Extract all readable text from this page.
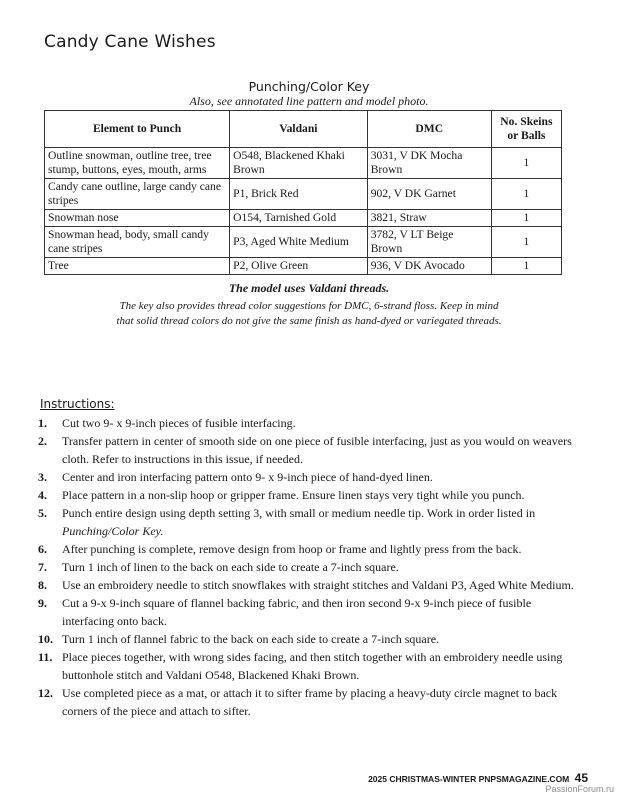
Candy Cane Wishes
Punching/Color Key
Also, see annotated line pattern and model photo.
Element to Punch	Valdani	DMC	No. Skeins or Balls
Outline snowman, outline tree, tree stump, buttons, eyes, mouth, arms	O548, Blackened Khaki Brown	3031, V DK Mocha Brown	1
Candy cane outline, large candy cane stripes	P1, Brick Red	902, V DK Garnet	1
Snowman nose	O154, Tarnished Gold	3821, Straw	1
Snowman head, body, small candy cane stripes	P3, Aged White Medium	3782, V LT Beige Brown	1
Tree	P2, Olive Green	936, V DK Avocado	1
The model uses Valdani threads.
The key also provides thread color suggestions for DMC, 6-strand floss. Keep in mind that solid thread colors do not give the same finish as hand-dyed or variegated threads.
Instructions:
1. Cut two 9- x 9-inch pieces of fusible interfacing.
2. Transfer pattern in center of smooth side on one piece of fusible interfacing, just as you would on weavers cloth. Refer to instructions in this issue, if needed.
3. Center and iron interfacing pattern onto 9- x 9-inch piece of hand-dyed linen.
4. Place pattern in a non-slip hoop or gripper frame. Ensure linen stays very tight while you punch.
5. Punch entire design using depth setting 3, with small or medium needle tip. Work in order listed in
Punching/Color Key.
6. After punching is complete, remove design from hoop or frame and lightly press from the back.
7. Turn 1 inch of linen to the back on each side to create a 7-inch square.
8. Use an embroidery needle to stitch snowflakes with straight stitches and Valdani P3, Aged White Medium.
9. Cut a 9-x 9-inch square of flannel backing fabric, and then iron second 9-x 9-inch piece of fusible interfacing onto back.
10. Turn 1 inch of flannel fabric to the back on each side to create a 7-inch square.
11. Place pieces together, with wrong sides facing, and then stitch together with an embroidery needle using buttonhole stitch and Valdani O548, Blackened Khaki Brown.
12. Use completed piece as a mat, or attach it to sifter frame by placing a heavy-duty circle magnet to back corners of the piece and attach to sifter.
2025 CHRISTMAS-WINTER PNPSMAGAZINE.COM 45
PassionForum.ru
